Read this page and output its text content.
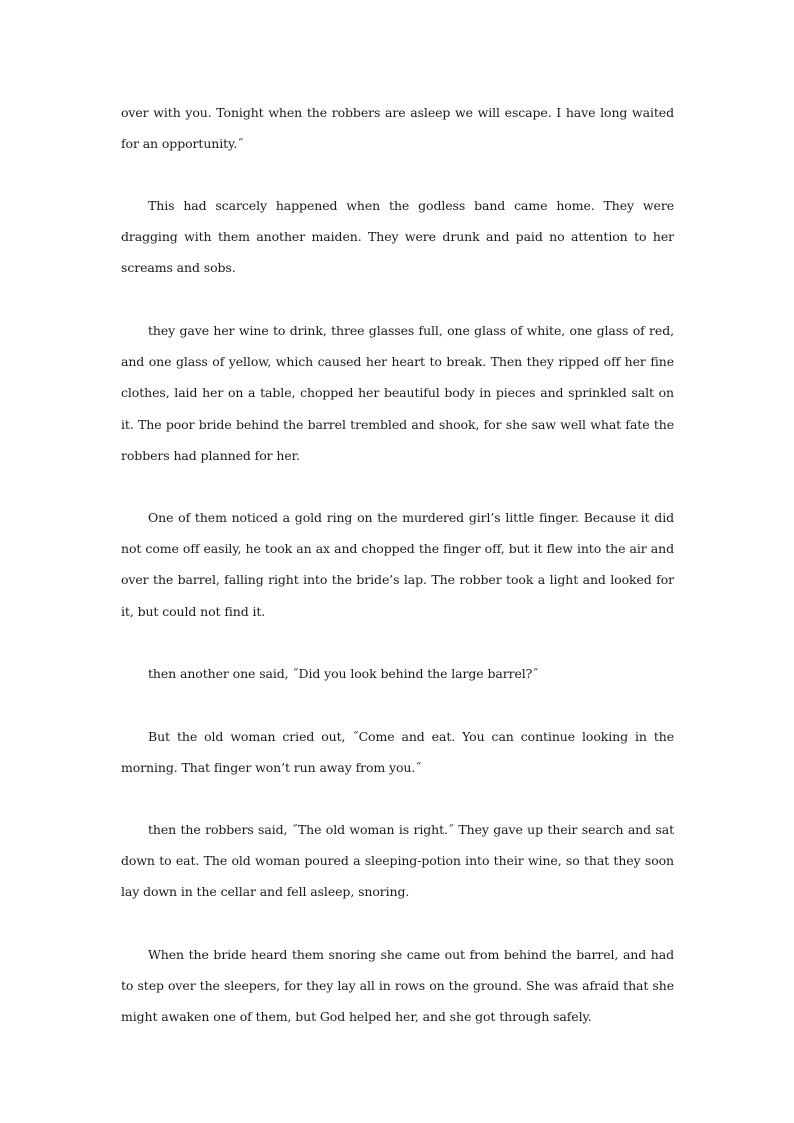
over with you. Tonight when the robbers are asleep we will escape. I have long waited for an opportunity.˝

This had scarcely happened when the godless band came home. They were dragging with them another maiden. They were drunk and paid no attention to her screams and sobs.

they gave her wine to drink, three glasses full, one glass of white, one glass of red, and one glass of yellow, which caused her heart to break. Then they ripped off her fine clothes, laid her on a table, chopped her beautiful body in pieces and sprinkled salt on it. The poor bride behind the barrel trembled and shook, for she saw well what fate the robbers had planned for her.

One of them noticed a gold ring on the murdered girl’s little finger. Because it did not come off easily, he took an ax and chopped the finger off, but it flew into the air and over the barrel, falling right into the bride’s lap. The robber took a light and looked for it, but could not find it.

then another one said, ˝Did you look behind the large barrel?˝

But the old woman cried out, ˝Come and eat. You can continue looking in the morning. That finger won’t run away from you.˝

then the robbers said, ˝The old woman is right.˝ They gave up their search and sat down to eat. The old woman poured a sleeping-potion into their wine, so that they soon lay down in the cellar and fell asleep, snoring.

When the bride heard them snoring she came out from behind the barrel, and had to step over the sleepers, for they lay all in rows on the ground. She was afraid that she might awaken one of them, but God helped her, and she got through safely.
